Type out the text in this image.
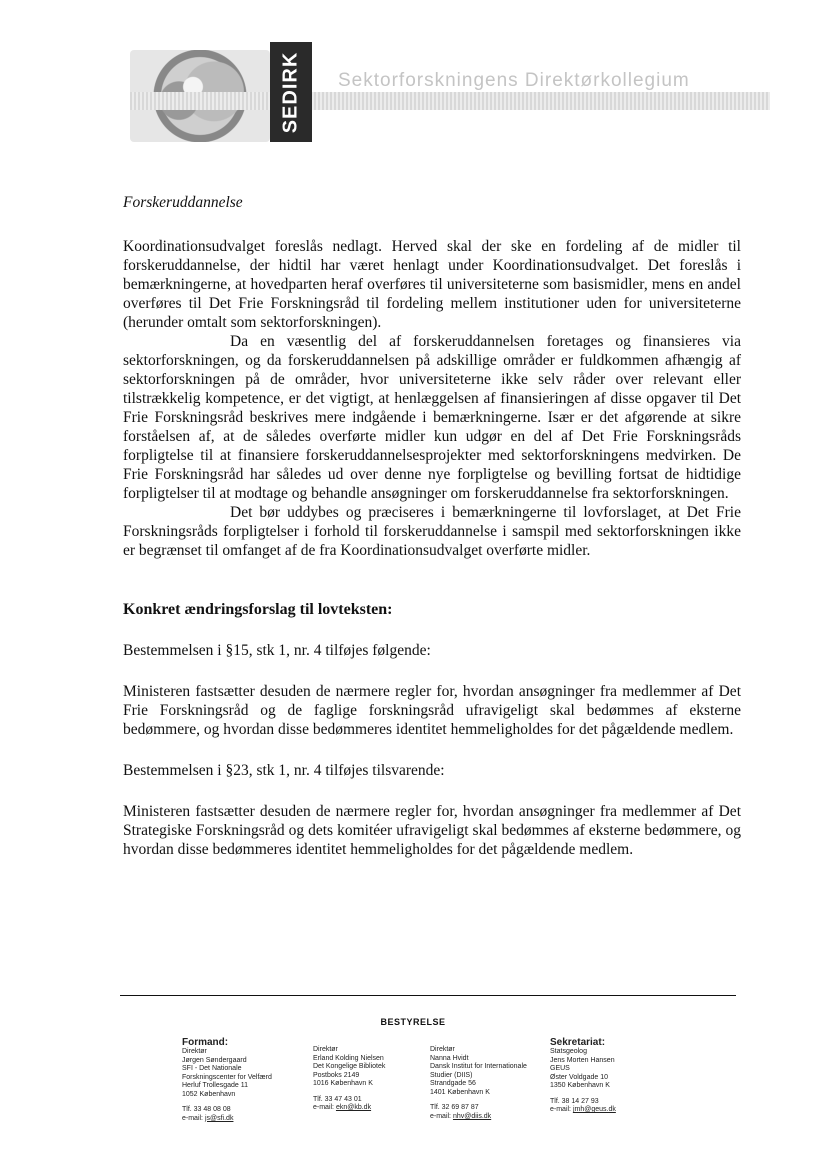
SEDIRK Sektorforskningens Direktørkollegium

Forskeruddannelse

Koordinationsudvalget foreslås nedlagt. Herved skal der ske en fordeling af de midler til forskeruddannelse, der hidtil har været henlagt under Koordinationsudvalget. Det foreslås i bemærkningerne, at hovedparten heraf overføres til universiteterne som basismidler, mens en andel overføres til Det Frie Forskningsråd til fordeling mellem institutioner uden for universiteterne (herunder omtalt som sektorforskningen).

Da en væsentlig del af forskeruddannelsen foretages og finansieres via sektorforskningen, og da forskeruddannelsen på adskillige områder er fuldkommen afhængig af sektorforskningen på de områder, hvor universiteterne ikke selv råder over relevant eller tilstrækkelig kompetence, er det vigtigt, at henlæggelsen af finansieringen af disse opgaver til Det Frie Forskningsråd beskrives mere indgående i bemærkningerne. Især er det afgørende at sikre forståelsen af, at de således overførte midler kun udgør en del af Det Frie Forskningsråds forpligtelse til at finansiere forskeruddannelsesprojekter med sektorforskningens medvirken. De Frie Forskningsråd har således ud over denne nye forpligtelse og bevilling fortsat de hidtidige forpligtelser til at modtage og behandle ansøgninger om forskeruddannelse fra sektorforskningen.

Det bør uddybes og præciseres i bemærkningerne til lovforslaget, at Det Frie Forskningsråds forpligtelser i forhold til forskeruddannelse i samspil med sektorforskningen ikke er begrænset til omfanget af de fra Koordinationsudvalget overførte midler.

Konkret ændringsforslag til lovteksten:

Bestemmelsen i §15, stk 1, nr. 4 tilføjes følgende:

Ministeren fastsætter desuden de nærmere regler for, hvordan ansøgninger fra medlemmer af Det Frie Forskningsråd og de faglige forskningsråd ufravigeligt skal bedømmes af eksterne bedømmere, og hvordan disse bedømmeres identitet hemmeligholdes for det pågældende medlem.

Bestemmelsen i §23, stk 1, nr. 4 tilføjes tilsvarende:

Ministeren fastsætter desuden de nærmere regler for, hvordan ansøgninger fra medlemmer af Det Strategiske Forskningsråd og dets komitéer ufravigeligt skal bedømmes af eksterne bedømmere, og hvordan disse bedømmeres identitet hemmeligholdes for det pågældende medlem.

BESTYRELSE
Formand:
Direktør
Jørgen Søndergaard
SFI - Det Nationale
Forskningscenter for Velfærd
Herluf Trollesgade 11
1052 København
Tlf. 33 48 08 08
e-mail: js@sfi.dk
Direktør
Erland Kolding Nielsen
Det Kongelige Bibliotek
Postboks 2149
1016 København K
Tlf. 33 47 43 01
e-mail: ekn@kb.dk
Direktør
Nanna Hvidt
Dansk Institut for Internationale
Studier (DIIS)
Strandgade 56
1401 København K
Tlf. 32 69 87 87
e-mail: nhv@diis.dk
Sekretariat:
Statsgeolog
Jens Morten Hansen
GEUS
Øster Voldgade 10
1350 København K
Tlf. 38 14 27 93
e-mail: jmh@geus.dk
